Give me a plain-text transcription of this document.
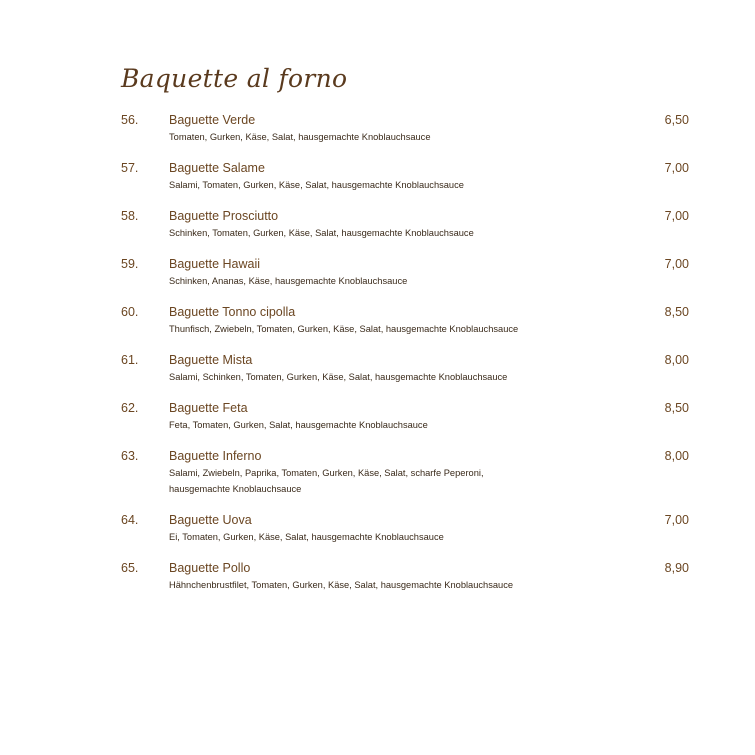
Baquette al forno
56. Baguette Verde
Tomaten, Gurken, Käse, Salat, hausgemachte Knoblauchsauce
6,50
57. Baguette Salame
Salami, Tomaten, Gurken, Käse, Salat, hausgemachte Knoblauchsauce
7,00
58. Baguette Prosciutto
Schinken, Tomaten, Gurken, Käse, Salat, hausgemachte Knoblauchsauce
7,00
59. Baguette Hawaii
Schinken, Ananas, Käse, hausgemachte Knoblauchsauce
7,00
60. Baguette Tonno cipolla
Thunfisch, Zwiebeln, Tomaten, Gurken, Käse, Salat, hausgemachte Knoblauchsauce
8,50
61. Baguette Mista
Salami, Schinken, Tomaten, Gurken, Käse, Salat, hausgemachte Knoblauchsauce
8,00
62. Baguette Feta
Feta, Tomaten, Gurken, Salat, hausgemachte Knoblauchsauce
8,50
63. Baguette Inferno
Salami, Zwiebeln, Paprika, Tomaten, Gurken, Käse, Salat, scharfe Peperoni, hausgemachte Knoblauchsauce
8,00
64. Baguette Uova
Ei, Tomaten, Gurken, Käse, Salat, hausgemachte Knoblauchsauce
7,00
65. Baguette Pollo
Hähnchenbrustfilet, Tomaten, Gurken, Käse, Salat, hausgemachte Knoblauchsauce
8,90
